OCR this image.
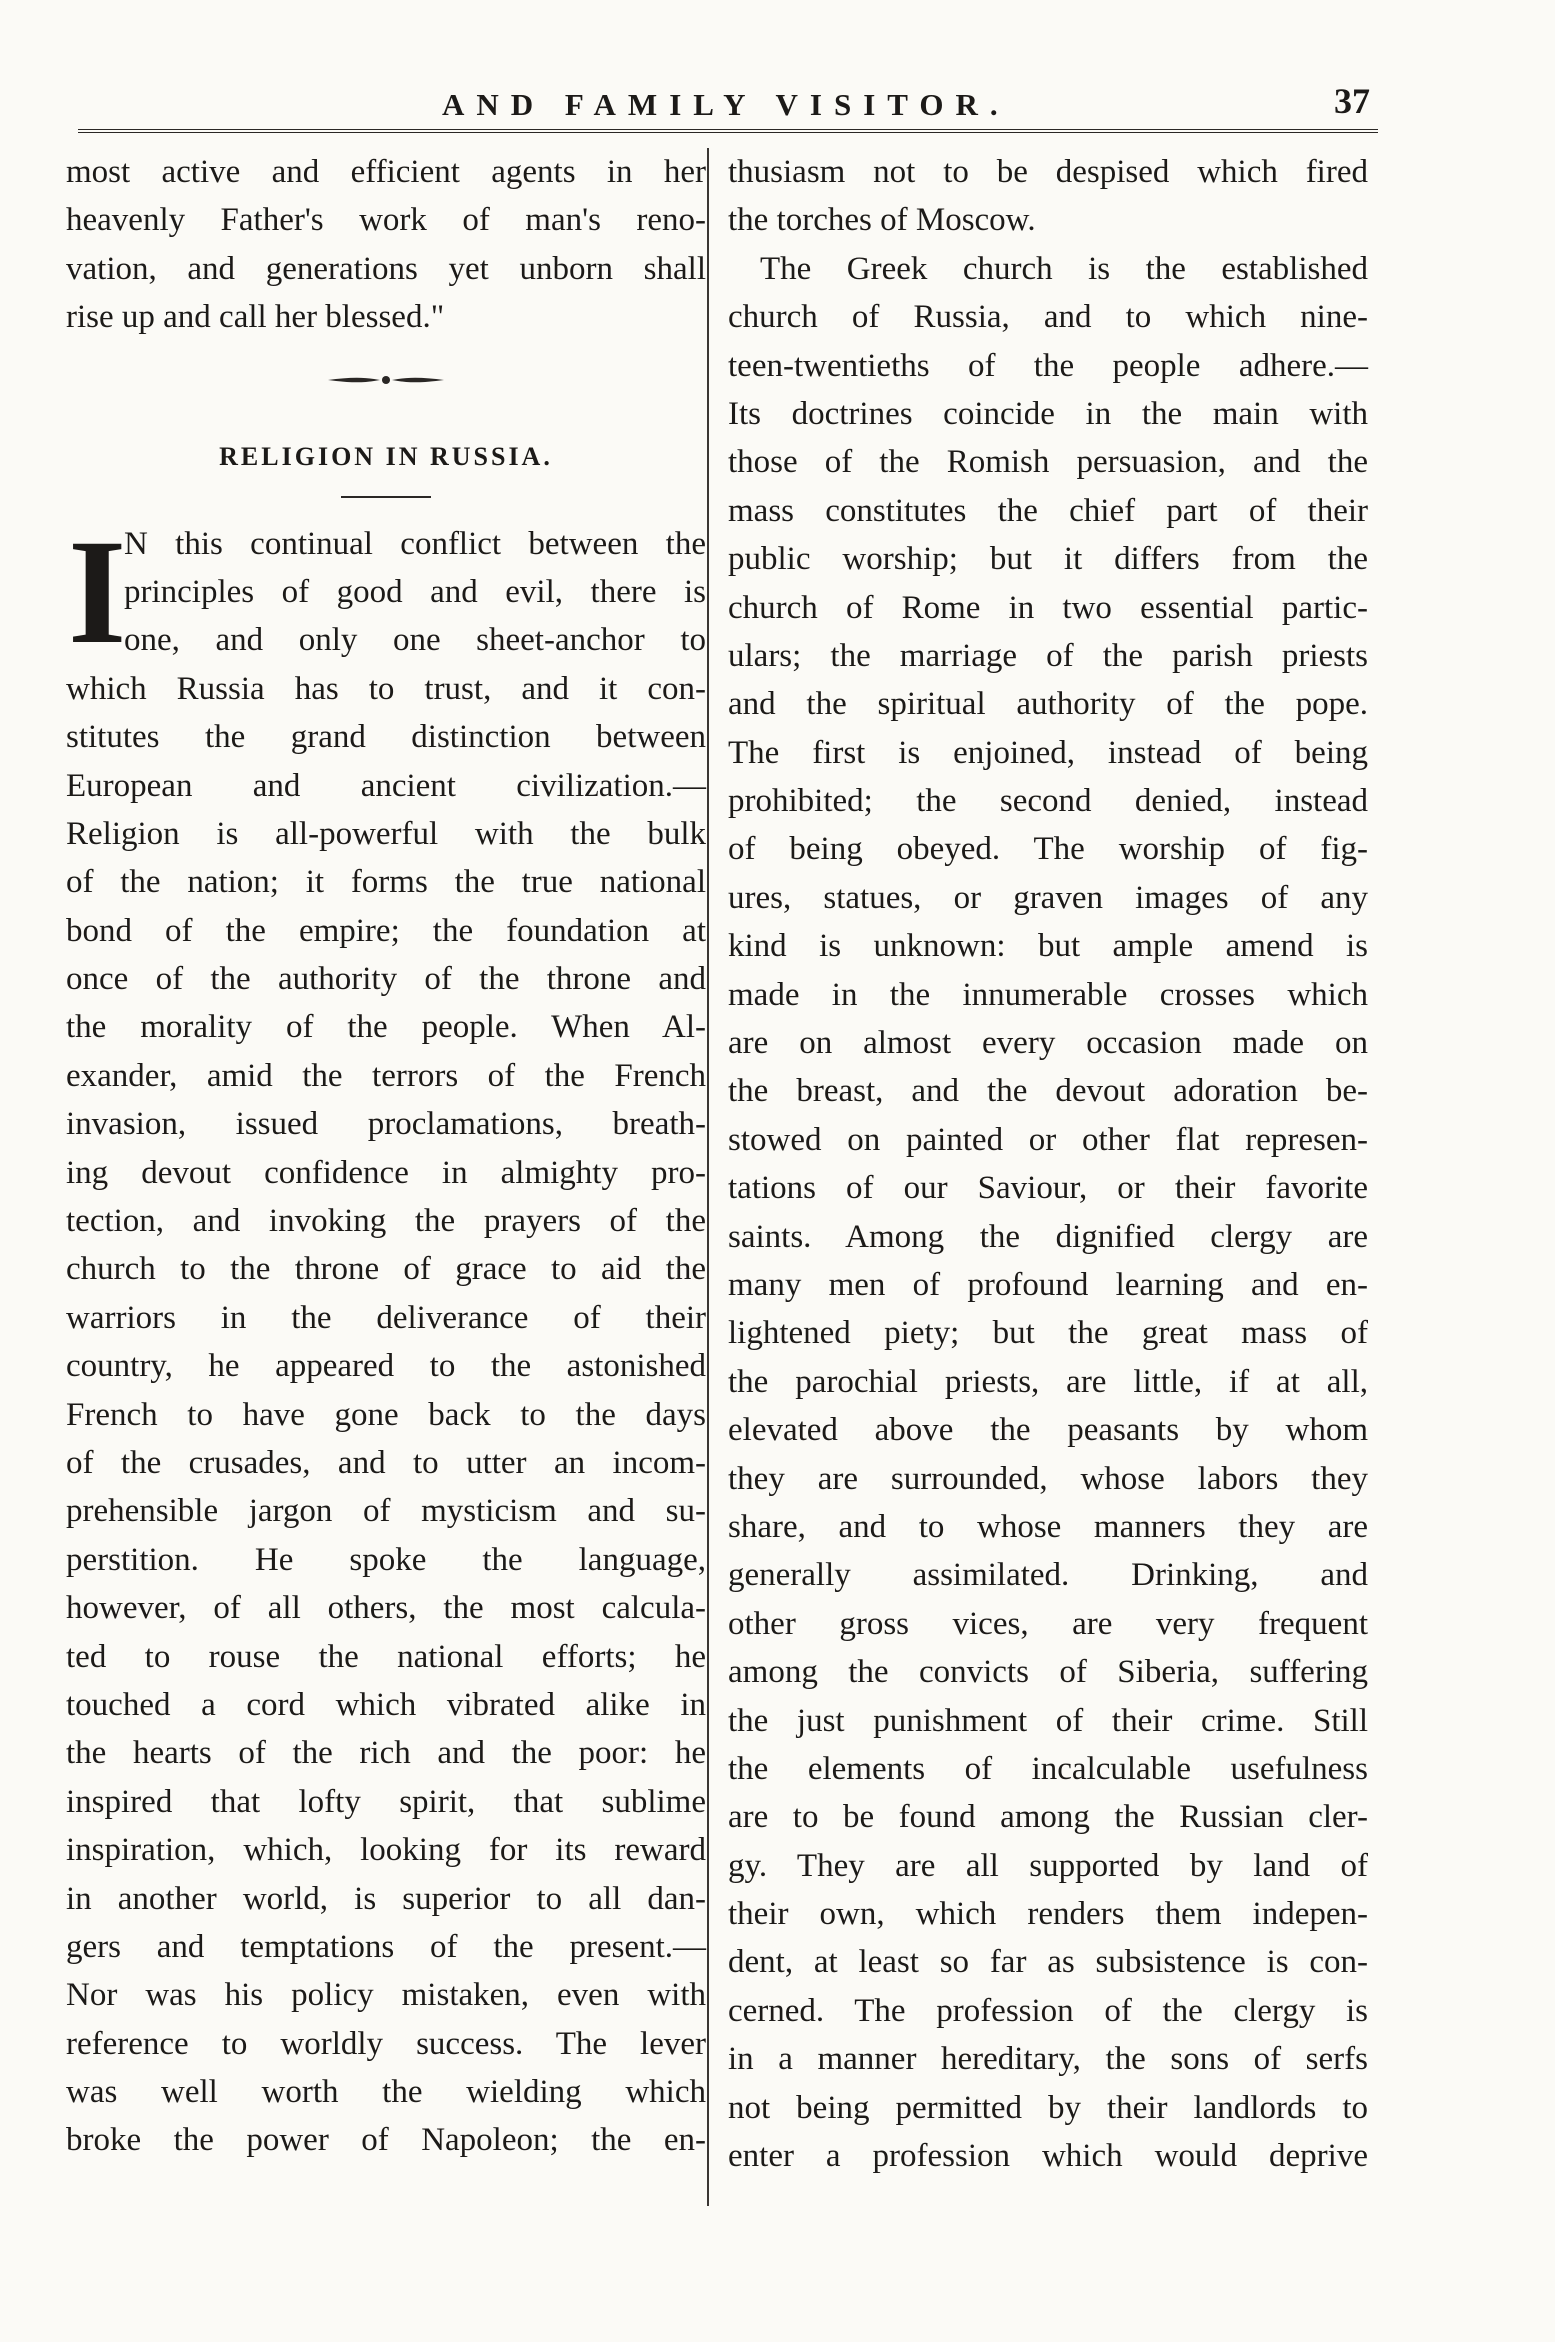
AND FAMILY VISITOR.	37
most active and efficient agents in her
heavenly Father's work of man's reno-
vation, and generations yet unborn shall
rise up and call her blessed."
RELIGION IN RUSSIA.
I
N this continual conflict between the
principles of good and evil, there is
one, and only one sheet-anchor to
which Russia has to trust, and it con-
stitutes the grand distinction between
European and ancient civilization.—
Religion is all-powerful with the bulk
of the nation; it forms the true national
bond of the empire; the foundation at
once of the authority of the throne and
the morality of the people. When Al-
exander, amid the terrors of the French
invasion, issued proclamations, breath-
ing devout confidence in almighty pro-
tection, and invoking the prayers of the
church to the throne of grace to aid the
warriors in the deliverance of their
country, he appeared to the astonished
French to have gone back to the days
of the crusades, and to utter an incom-
prehensible jargon of mysticism and su-
perstition. He spoke the language,
however, of all others, the most calcula-
ted to rouse the national efforts; he
touched a cord which vibrated alike in
the hearts of the rich and the poor: he
inspired that lofty spirit, that sublime
inspiration, which, looking for its reward
in another world, is superior to all dan-
gers and temptations of the present.—
Nor was his policy mistaken, even with
reference to worldly success. The lever
was well worth the wielding which
broke the power of Napoleon; the en-
thusiasm not to be despised which fired
the torches of Moscow.
The Greek church is the established
church of Russia, and to which nine-
teen-twentieths of the people adhere.—
Its doctrines coincide in the main with
those of the Romish persuasion, and the
mass constitutes the chief part of their
public worship; but it differs from the
church of Rome in two essential partic-
ulars; the marriage of the parish priests
and the spiritual authority of the pope.
The first is enjoined, instead of being
prohibited; the second denied, instead
of being obeyed. The worship of fig-
ures, statues, or graven images of any
kind is unknown: but ample amend is
made in the innumerable crosses which
are on almost every occasion made on
the breast, and the devout adoration be-
stowed on painted or other flat represen-
tations of our Saviour, or their favorite
saints. Among the dignified clergy are
many men of profound learning and en-
lightened piety; but the great mass of
the parochial priests, are little, if at all,
elevated above the peasants by whom
they are surrounded, whose labors they
share, and to whose manners they are
generally assimilated. Drinking, and
other gross vices, are very frequent
among the convicts of Siberia, suffering
the just punishment of their crime. Still
the elements of incalculable usefulness
are to be found among the Russian cler-
gy. They are all supported by land of
their own, which renders them indepen-
dent, at least so far as subsistence is con-
cerned. The profession of the clergy is
in a manner hereditary, the sons of serfs
not being permitted by their landlords to
enter a profession which would deprive
